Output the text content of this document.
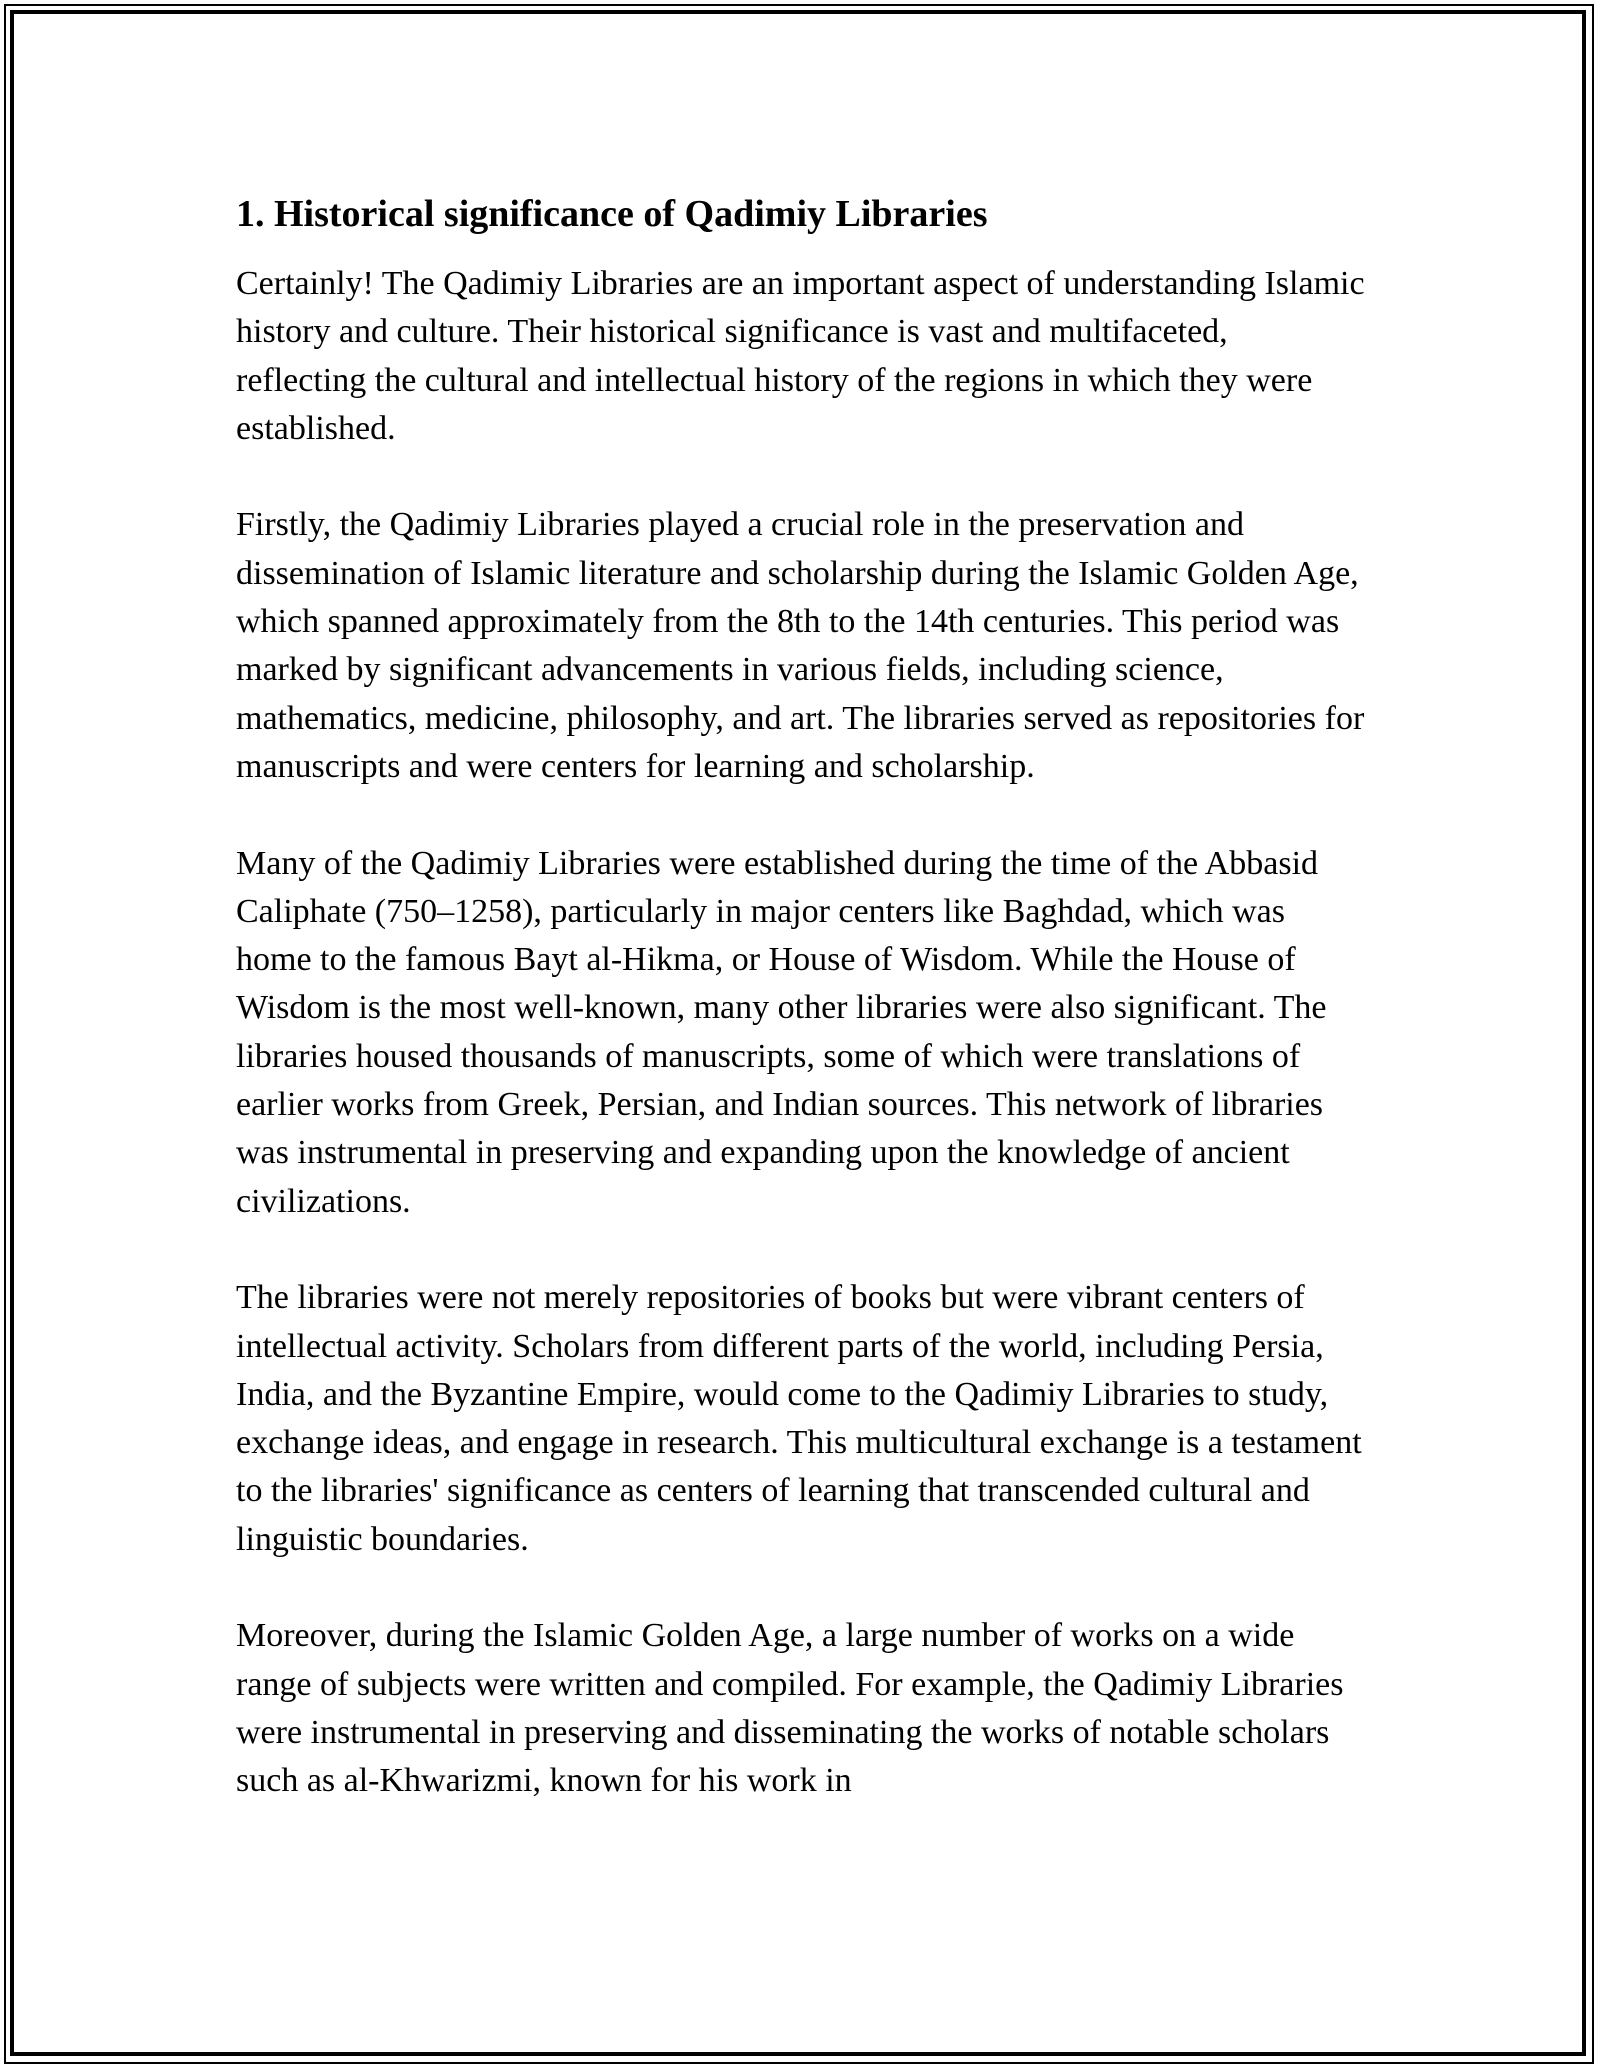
1. Historical significance of Qadimiy Libraries

Certainly! The Qadimiy Libraries are an important aspect of understanding Islamic history and culture. Their historical significance is vast and multifaceted, reflecting the cultural and intellectual history of the regions in which they were established.

Firstly, the Qadimiy Libraries played a crucial role in the preservation and dissemination of Islamic literature and scholarship during the Islamic Golden Age, which spanned approximately from the 8th to the 14th centuries. This period was marked by significant advancements in various fields, including science, mathematics, medicine, philosophy, and art. The libraries served as repositories for manuscripts and were centers for learning and scholarship.

Many of the Qadimiy Libraries were established during the time of the Abbasid Caliphate (750–1258), particularly in major centers like Baghdad, which was home to the famous Bayt al-Hikma, or House of Wisdom. While the House of Wisdom is the most well-known, many other libraries were also significant. The libraries housed thousands of manuscripts, some of which were translations of earlier works from Greek, Persian, and Indian sources. This network of libraries was instrumental in preserving and expanding upon the knowledge of ancient civilizations.

The libraries were not merely repositories of books but were vibrant centers of intellectual activity. Scholars from different parts of the world, including Persia, India, and the Byzantine Empire, would come to the Qadimiy Libraries to study, exchange ideas, and engage in research. This multicultural exchange is a testament to the libraries' significance as centers of learning that transcended cultural and linguistic boundaries.

Moreover, during the Islamic Golden Age, a large number of works on a wide range of subjects were written and compiled. For example, the Qadimiy Libraries were instrumental in preserving and disseminating the works of notable scholars such as al-Khwarizmi, known for his work in
